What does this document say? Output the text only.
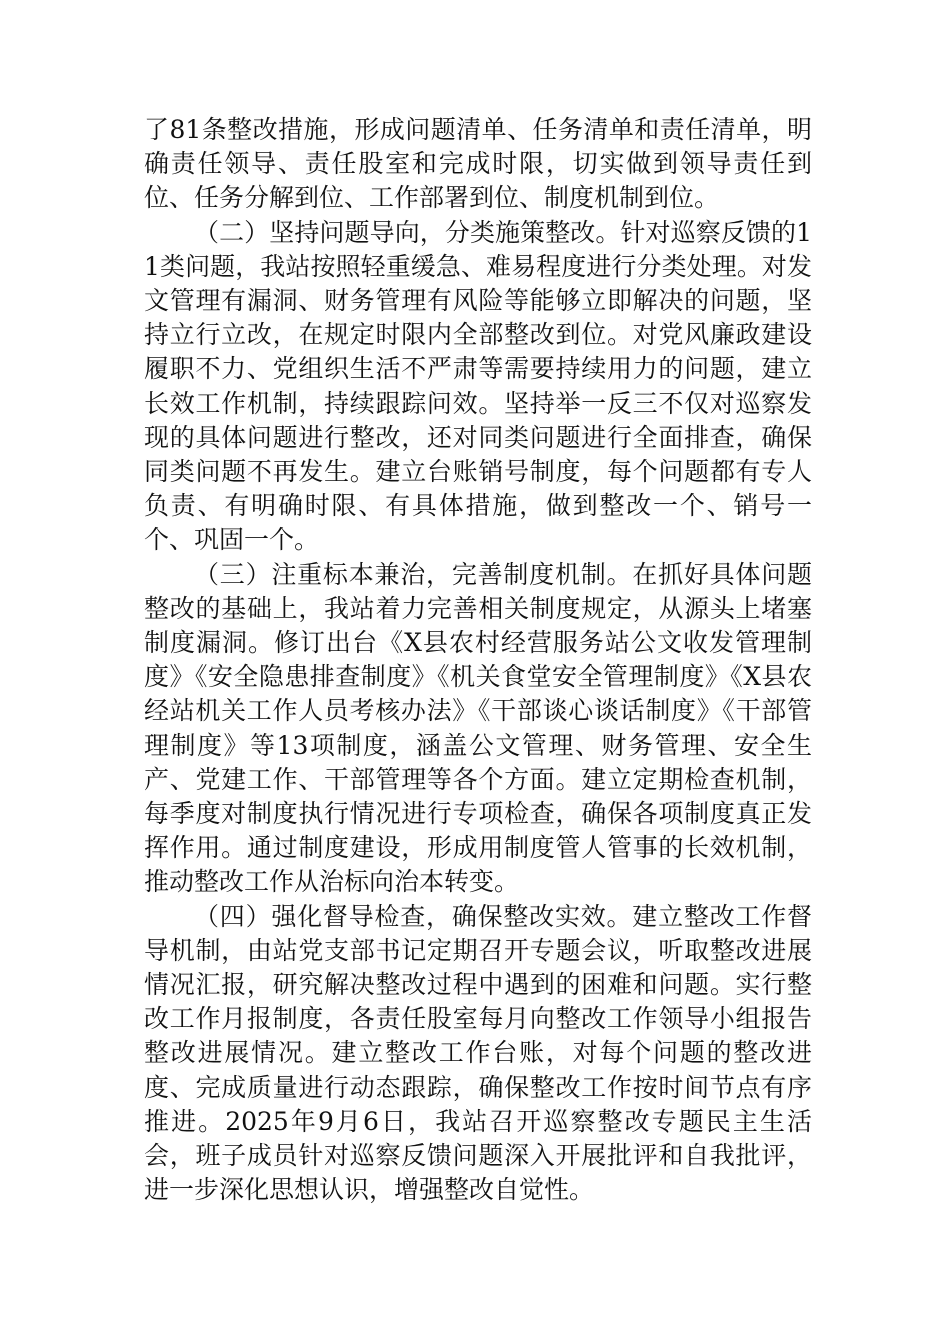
了81条整改措施，形成问题清单、任务清单和责任清单，明确责任领导、责任股室和完成时限，切实做到领导责任到位、任务分解到位、工作部署到位、制度机制到位。

（二）坚持问题导向，分类施策整改。针对巡察反馈的11类问题，我站按照轻重缓急、难易程度进行分类处理。对发文管理有漏洞、财务管理有风险等能够立即解决的问题，坚持立行立改，在规定时限内全部整改到位。对党风廉政建设履职不力、党组织生活不严肃等需要持续用力的问题，建立长效工作机制，持续跟踪问效。坚持举一反三不仅对巡察发现的具体问题进行整改，还对同类问题进行全面排查，确保同类问题不再发生。建立台账销号制度，每个问题都有专人负责、有明确时限、有具体措施，做到整改一个、销号一个、巩固一个。

（三）注重标本兼治，完善制度机制。在抓好具体问题整改的基础上，我站着力完善相关制度规定，从源头上堵塞制度漏洞。修订出台《X县农村经营服务站公文收发管理制度》《安全隐患排查制度》《机关食堂安全管理制度》《X县农经站机关工作人员考核办法》《干部谈心谈话制度》《干部管理制度》等13项制度，涵盖公文管理、财务管理、安全生产、党建工作、干部管理等各个方面。建立定期检查机制，每季度对制度执行情况进行专项检查，确保各项制度真正发挥作用。通过制度建设，形成用制度管人管事的长效机制，推动整改工作从治标向治本转变。

（四）强化督导检查，确保整改实效。建立整改工作督导机制，由站党支部书记定期召开专题会议，听取整改进展情况汇报，研究解决整改过程中遇到的困难和问题。实行整改工作月报制度，各责任股室每月向整改工作领导小组报告整改进展情况。建立整改工作台账，对每个问题的整改进度、完成质量进行动态跟踪，确保整改工作按时间节点有序推进。2025年9月6日，我站召开巡察整改专题民主生活会，班子成员针对巡察反馈问题深入开展批评和自我批评，进一步深化思想认识，增强整改自觉性。
